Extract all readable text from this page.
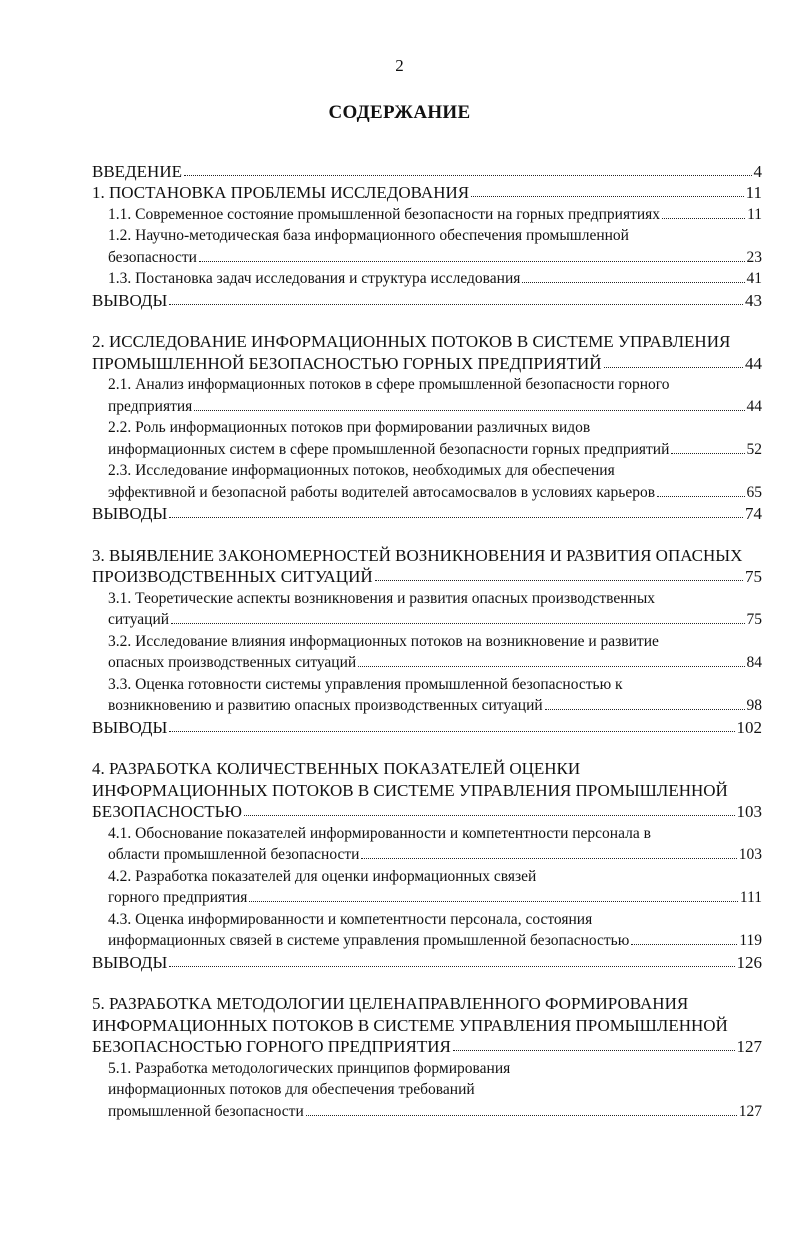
2
СОДЕРЖАНИЕ
ВВЕДЕНИЕ	4
1. ПОСТАНОВКА ПРОБЛЕМЫ ИССЛЕДОВАНИЯ	11
1.1. Современное состояние промышленной безопасности на горных предприятиях	11
1.2. Научно-методическая база информационного обеспечения промышленной
безопасности	23
1.3. Постановка задач исследования и структура исследования	41
ВЫВОДЫ	43
2. ИССЛЕДОВАНИЕ ИНФОРМАЦИОННЫХ ПОТОКОВ В СИСТЕМЕ УПРАВЛЕНИЯ
ПРОМЫШЛЕННОЙ БЕЗОПАСНОСТЬЮ ГОРНЫХ ПРЕДПРИЯТИЙ	44
2.1. Анализ информационных потоков в сфере промышленной безопасности горного
предприятия	44
2.2. Роль информационных потоков при формировании различных видов
информационных систем в сфере промышленной безопасности горных предприятий	52
2.3. Исследование информационных потоков, необходимых для обеспечения
эффективной и безопасной работы водителей автосамосвалов в условиях карьеров	65
ВЫВОДЫ	74
3. ВЫЯВЛЕНИЕ ЗАКОНОМЕРНОСТЕЙ ВОЗНИКНОВЕНИЯ И РАЗВИТИЯ ОПАСНЫХ
ПРОИЗВОДСТВЕННЫХ СИТУАЦИЙ	75
3.1. Теоретические аспекты возникновения и развития опасных производственных
ситуаций	75
3.2. Исследование влияния информационных потоков на возникновение и развитие
опасных производственных ситуаций	84
3.3. Оценка готовности системы управления промышленной безопасностью к
возникновению и развитию опасных производственных ситуаций	98
ВЫВОДЫ	102
4. РАЗРАБОТКА КОЛИЧЕСТВЕННЫХ ПОКАЗАТЕЛЕЙ ОЦЕНКИ
ИНФОРМАЦИОННЫХ ПОТОКОВ В СИСТЕМЕ УПРАВЛЕНИЯ ПРОМЫШЛЕННОЙ
БЕЗОПАСНОСТЬЮ	103
4.1. Обоснование показателей информированности и компетентности персонала в
области промышленной безопасности	103
4.2. Разработка показателей для оценки информационных связей
горного предприятия	111
4.3. Оценка информированности и компетентности персонала, состояния
информационных связей в системе управления промышленной безопасностью	119
ВЫВОДЫ	126
5. РАЗРАБОТКА МЕТОДОЛОГИИ ЦЕЛЕНАПРАВЛЕННОГО ФОРМИРОВАНИЯ
ИНФОРМАЦИОННЫХ ПОТОКОВ В СИСТЕМЕ УПРАВЛЕНИЯ ПРОМЫШЛЕННОЙ
БЕЗОПАСНОСТЬЮ ГОРНОГО ПРЕДПРИЯТИЯ	127
5.1. Разработка методологических принципов формирования
информационных потоков для обеспечения требований
промышленной безопасности	127
